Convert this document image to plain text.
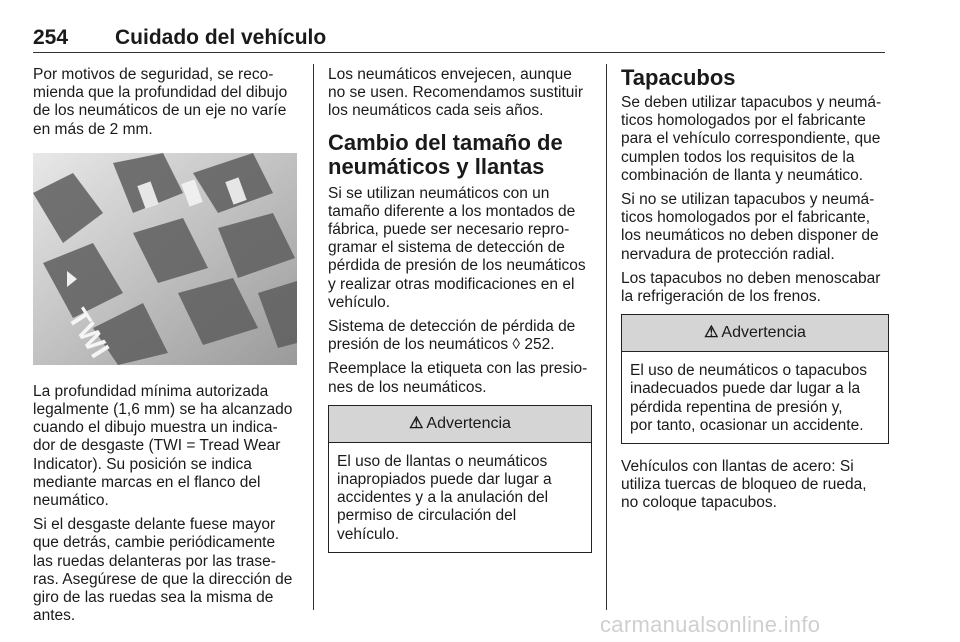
254 Cuidado del vehículo

Por motivos de seguridad, se reco-
mienda que la profundidad del dibujo
de los neumáticos de un eje no varíe
en más de 2 mm.

TWI

La profundidad mínima autorizada
legalmente (1,6 mm) se ha alcanzado
cuando el dibujo muestra un indica-
dor de desgaste (TWI = Tread Wear
Indicator). Su posición se indica
mediante marcas en el flanco del
neumático.

Si el desgaste delante fuese mayor
que detrás, cambie periódicamente
las ruedas delanteras por las trase-
ras. Asegúrese de que la dirección de
giro de las ruedas sea la misma de
antes.

Los neumáticos envejecen, aunque
no se usen. Recomendamos sustituir
los neumáticos cada seis años.

Cambio del tamaño de
neumáticos y llantas

Si se utilizan neumáticos con un
tamaño diferente a los montados de
fábrica, puede ser necesario repro-
gramar el sistema de detección de
pérdida de presión de los neumáticos
y realizar otras modificaciones en el
vehículo.

Sistema de detección de pérdida de
presión de los neumáticos ◊ 252.

Reemplace la etiqueta con las presio-
nes de los neumáticos.

⚠ Advertencia
El uso de llantas o neumáticos
inapropiados puede dar lugar a
accidentes y a la anulación del
permiso de circulación del
vehículo.
Tapacubos

Se deben utilizar tapacubos y neumá-
ticos homologados por el fabricante
para el vehículo correspondiente, que
cumplen todos los requisitos de la
combinación de llanta y neumático.

Si no se utilizan tapacubos y neumá-
ticos homologados por el fabricante,
los neumáticos no deben disponer de
nervadura de protección radial.

Los tapacubos no deben menoscabar
la refrigeración de los frenos.

⚠ Advertencia
El uso de neumáticos o tapacubos
inadecuados puede dar lugar a la
pérdida repentina de presión y,
por tanto, ocasionar un accidente.

Vehículos con llantas de acero: Si
utiliza tuercas de bloqueo de rueda,
no coloque tapacubos.

carmanualsonline.info
